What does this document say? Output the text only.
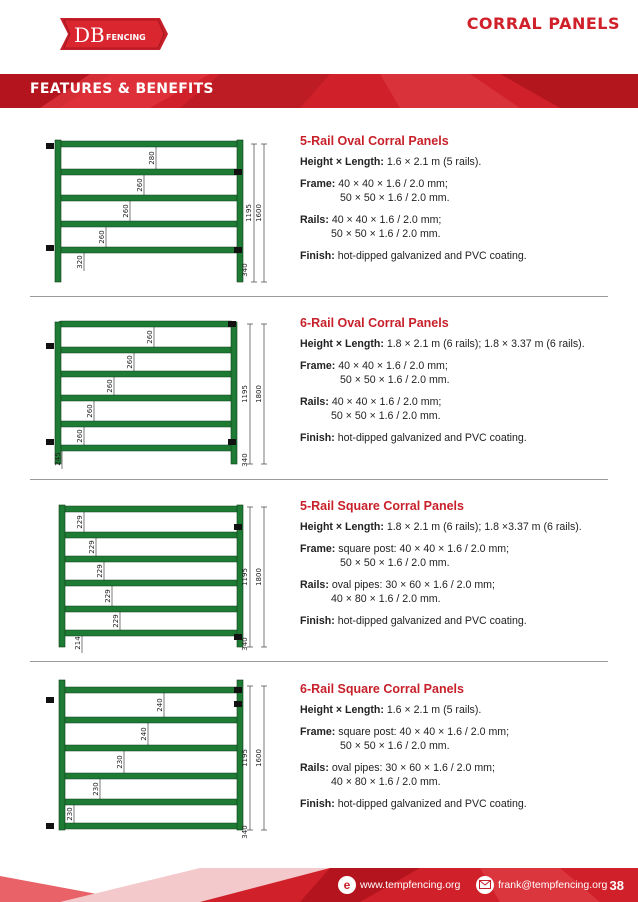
DB FENCING
CORRAL PANELS
FEATURES & BENEFITS
280
260
260
260
320
1195 1600
340
5-Rail Oval Corral Panels
Height × Length: 1.6 × 2.1 m (5 rails).
Frame: 40 × 40 × 1.6 / 2.0 mm;
50 × 50 × 1.6 / 2.0 mm.
Rails: 40 × 40 × 1.6 / 2.0 mm;
50 × 50 × 1.6 / 2.0 mm.
Finish: hot-dipped galvanized and PVC coating.
260
260
260
260
260
245
1195 1800
340
6-Rail Oval Corral Panels
Height × Length: 1.8 × 2.1 m (6 rails); 1.8 × 3.37 m (6 rails).
Frame: 40 × 40 × 1.6 / 2.0 mm;
50 × 50 × 1.6 / 2.0 mm.
Rails: 40 × 40 × 1.6 / 2.0 mm;
50 × 50 × 1.6 / 2.0 mm.
Finish: hot-dipped galvanized and PVC coating.
229
229
229
229
229
214
1195 1800
340
5-Rail Square Corral Panels
Height × Length: 1.8 × 2.1 m (6 rails); 1.8 ×3.37 m (6 rails).
Frame: square post: 40 × 40 × 1.6 / 2.0 mm;
50 × 50 × 1.6 / 2.0 mm.
Rails: oval pipes: 30 × 60 × 1.6 / 2.0 mm;
40 × 80 × 1.6 / 2.0 mm.
Finish: hot-dipped galvanized and PVC coating.
240
240
230
230
230
1195 1600
340
6-Rail Square Corral Panels
Height × Length: 1.6 × 2.1 m (5 rails).
Frame: square post: 40 × 40 × 1.6 / 2.0 mm;
50 × 50 × 1.6 / 2.0 mm.
Rails: oval pipes: 30 × 60 × 1.6 / 2.0 mm;
40 × 80 × 1.6 / 2.0 mm.
Finish: hot-dipped galvanized and PVC coating.
e www.tempfencing.org	frank@tempfencing.org 38
